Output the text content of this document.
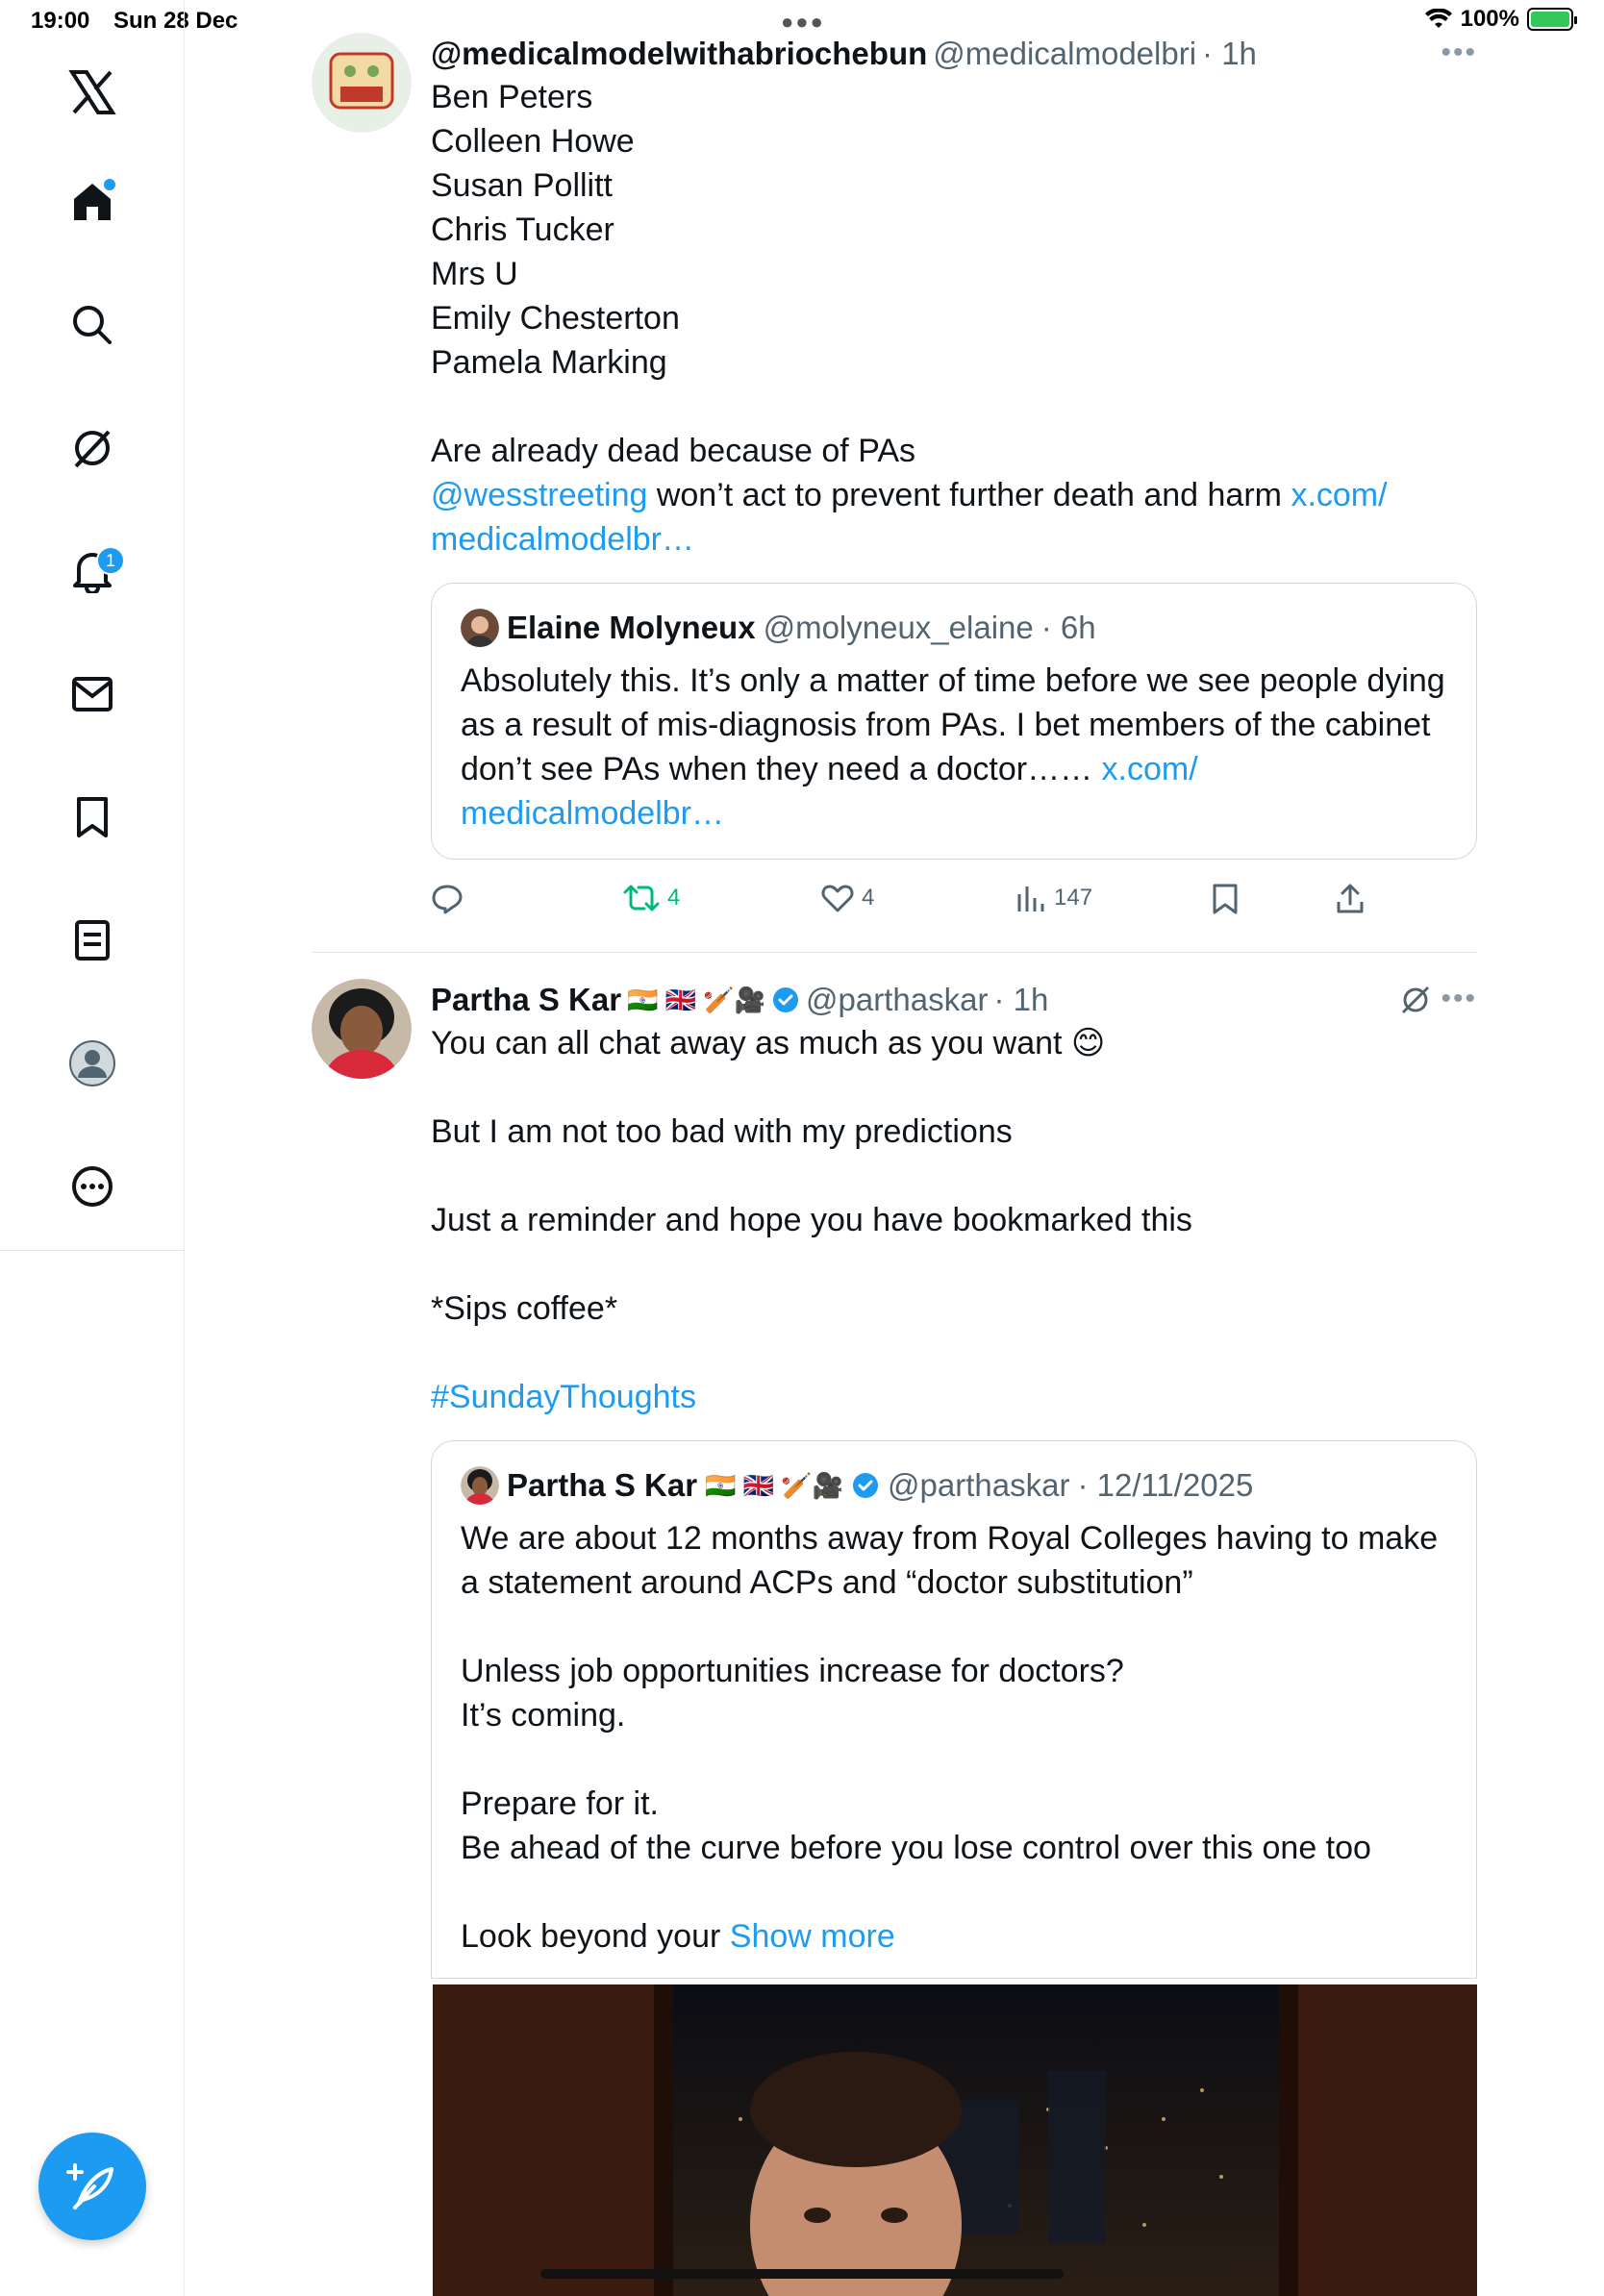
19:00 Sun 28 Dec	●●●	100%
1
@medicalmodelwithabriochebun @medicalmodelbri · 1h	•••
Ben Peters
Colleen Howe
Susan Pollitt
Chris Tucker
Mrs U
Emily Chesterton
Pamela Marking

Are already dead because of PAs
@wesstreeting won’t act to prevent further death and harm x.com/
medicalmodelbr…
Elaine Molyneux @molyneux_elaine · 6h
Absolutely this. It’s only a matter of time before we see people dying as a result of mis-diagnosis from PAs. I bet members of the cabinet don’t see PAs when they need a doctor…… x.com/
medicalmodelbr…
4	4	147
Partha S Kar 🇮🇳 🇬🇧 🏏🎥 @parthaskar · 1h	•••
You can all chat away as much as you want 😊

But I am not too bad with my predictions

Just a reminder and hope you have bookmarked this

*Sips coffee*

#SundayThoughts
Partha S Kar 🇮🇳 🇬🇧 🏏🎥 @parthaskar · 12/11/2025
We are about 12 months away from Royal Colleges having to make a statement around ACPs and “doctor substitution”

Unless job opportunities increase for doctors?
It’s coming.

Prepare for it.
Be ahead of the curve before you lose control over this one too

Look beyond your Show more
